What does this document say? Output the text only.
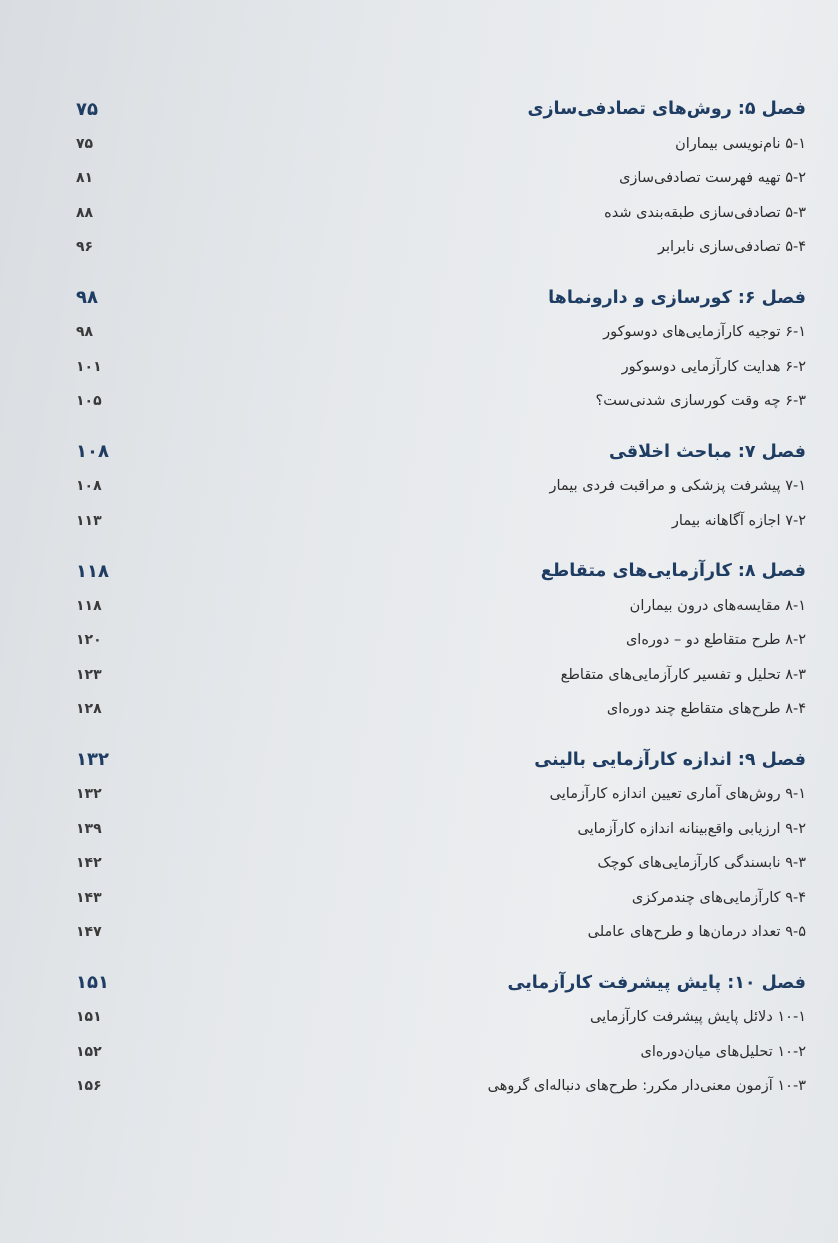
فصل ۵: روش‌های تصادفی‌سازی
۷۵
۵-۱ نام‌نویسی بیماران
۷۵
۵-۲ تهیه فهرست تصادفی‌سازی
۸۱
۵-۳ تصادفی‌سازی طبقه‌بندی شده
۸۸
۵-۴ تصادفی‌سازی نابرابر
۹۶
فصل ۶: کورسازی و دارونماها
۹۸
۶-۱ توجیه کارآزمایی‌های دوسوکور
۹۸
۶-۲ هدایت کارآزمایی دوسوکور
۱۰۱
۶-۳ چه وقت کورسازی شدنی‌ست؟
۱۰۵
فصل ۷: مباحث اخلاقی
۱۰۸
۷-۱ پیشرفت پزشکی و مراقبت فردی بیمار
۱۰۸
۷-۲ اجازه آگاهانه بیمار
۱۱۳
فصل ۸: کارآزمایی‌های متقاطع
۱۱۸
۸-۱ مقایسه‌های درون بیماران
۱۱۸
۸-۲ طرح متقاطع دو – دوره‌ای
۱۲۰
۸-۳ تحلیل و تفسیر کارآزمایی‌های متقاطع
۱۲۳
۸-۴ طرح‌های متقاطع چند دوره‌ای
۱۲۸
فصل ۹: اندازه کارآزمایی بالینی
۱۳۲
۹-۱ روش‌های آماری تعیین اندازه کارآزمایی
۱۳۲
۹-۲ ارزیابی واقع‌بینانه اندازه کارآزمایی
۱۳۹
۹-۳ نابسندگی کارآزمایی‌های کوچک
۱۴۲
۹-۴ کارآزمایی‌های چندمرکزی
۱۴۳
۹-۵ تعداد درمان‌ها و طرح‌های عاملی
۱۴۷
فصل ۱۰: پایش پیشرفت کارآزمایی
۱۵۱
۱۰-۱ دلائل پایش پیشرفت کارآزمایی
۱۵۱
۱۰-۲ تحلیل‌های میان‌دوره‌ای
۱۵۲
۱۰-۳ آزمون معنی‌دار مکرر: طرح‌های دنباله‌ای گروهی
۱۵۶
